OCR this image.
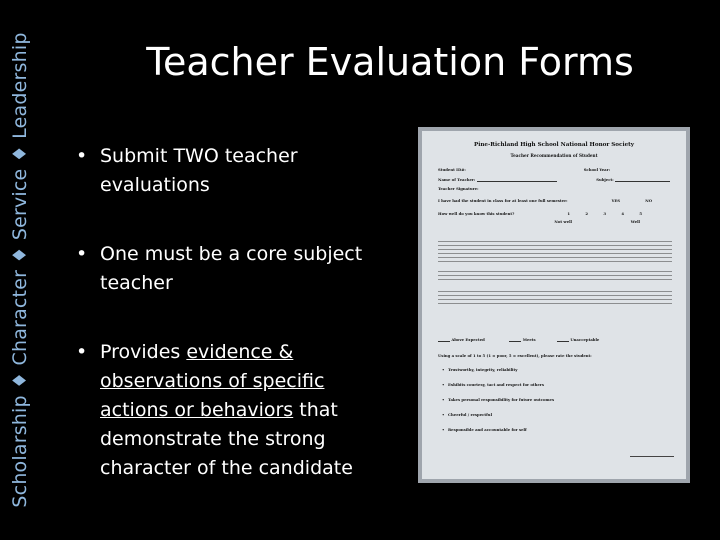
Scholarship ♦ Character ♦ Service ♦ Leadership	Teacher Evaluation Forms
• Submit TWO teacher evaluations
• One must be a core subject teacher
• Provides evidence & observations of specific actions or behaviors that demonstrate the strong character of the candidate
Pine-Richland High School National Honor Society
Teacher Recommendation of Student
Student ID#:	School Year:
Name of Teacher:	Subject:
Teacher Signature:
I have had the student in class for at least one full semester:	YES	NO
How well do you know this student?	1	2	3	4	5
Not well	Well
Above Expected	Meets	Unacceptable
Using a scale of 1 to 5 (1 = poor, 5 = excellent), please rate the student:
• Trustworthy, integrity, reliability
• Exhibits courtesy, tact and respect for others
• Takes personal responsibility for future outcomes
• Cheerful / respectful
• Responsible and accountable for self
